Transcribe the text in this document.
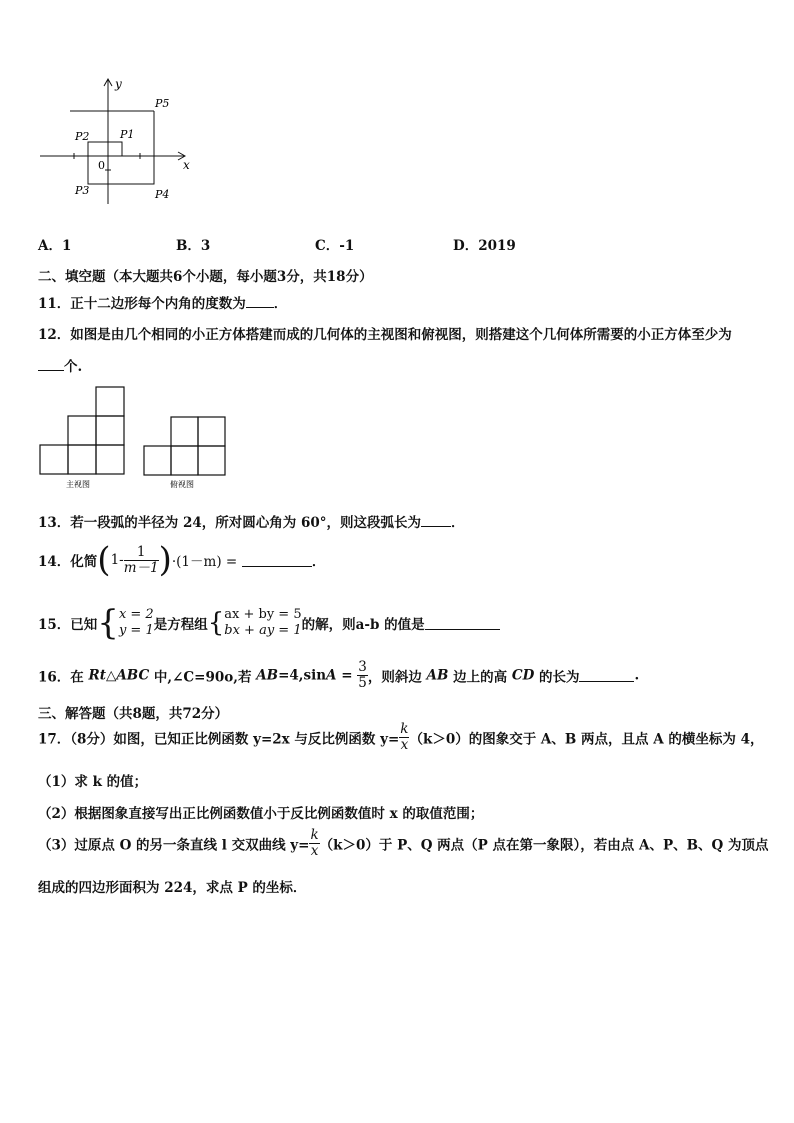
y
x
0
P5
P1
P2
P3	P4
A．1	B．3	C．-1	D．2019
二、填空题（本大题共6个小题，每小题3分，共18分）
11．正十二边形每个内角的度数为 ．
12．如图是由几个相同的小正方体搭建而成的几何体的主视图和俯视图，则搭建这个几何体所需要的小正方体至少为
个.
主视图	俯视图
13．若一段弧的半径为 24，所对圆心角为 60°，则这段弧长为 ．
14．化简$(1- \frac{1}{m-1} )\cdot(1-m)$ =	．
15．已知{ x = 2
y = 1 是方程组{ ax + by = 5
bx + ay = 1 的解，则a-b 的值是
16．在 Rt△ABC 中,∠C=90o,若 $AB=4,\sin A = \frac{3}{5}$ ，则斜边 AB 边上的高 CD 的长为	.
三、解答题（共8题，共72分）
17．（8分）如图，已知正比例函数 y=2x 与反比例函数 $y= \frac{k}{x} (k>0)$的图象交于 A、B 两点，且点 A 的横坐标为 4，
（1）求 k 的值；
（2）根据图象直接写出正比例函数值小于反比例函数值时 x 的取值范围；
（3）过原点 O 的另一条直线 l 交双曲线 $y= \frac{k}{x} (k>0)$于 P、Q 两点（P 点在第一象限），若由点 A、P、B、Q 为顶点
组成的四边形面积为 224，求点 P 的坐标．
